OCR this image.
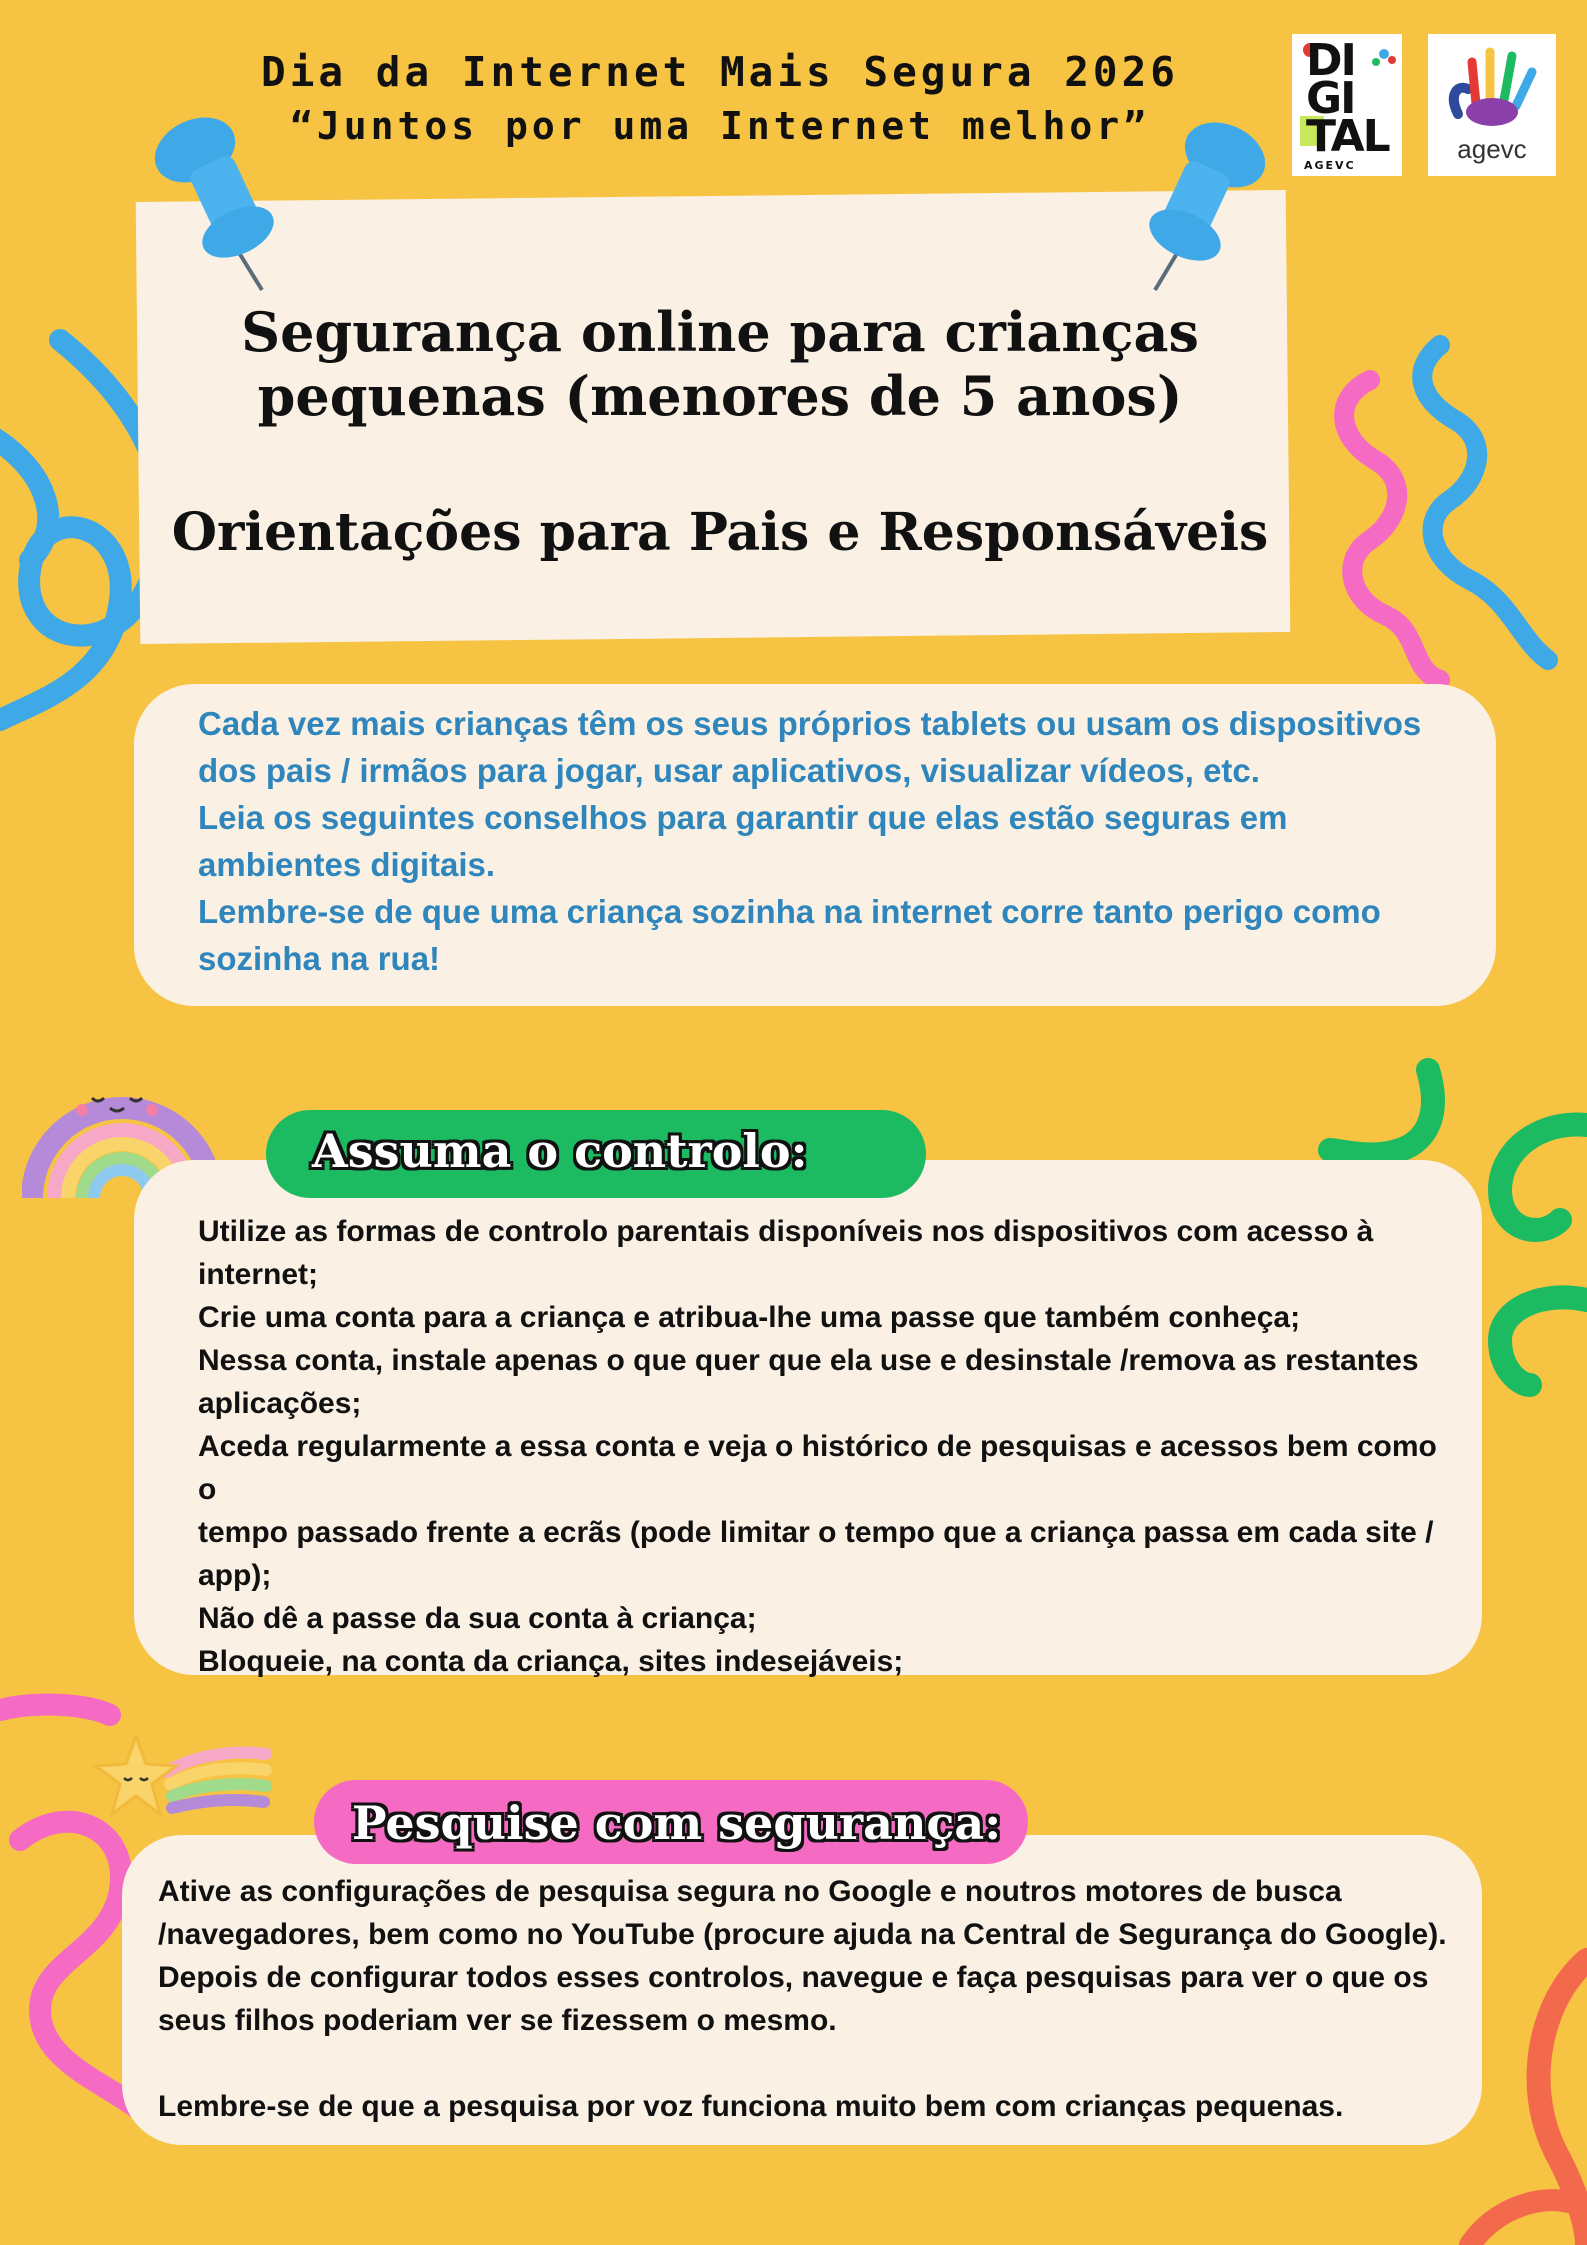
Dia da Internet Mais Segura 2026
“Juntos por uma Internet melhor”
DI
GI
TAL
AGEVC
agevc
Segurança online para crianças
pequenas (menores de 5 anos)
Orientações para Pais e Responsáveis

Cada vez mais crianças têm os seus próprios tablets ou usam os dispositivos

dos pais / irmãos para jogar, usar aplicativos, visualizar vídeos, etc.

Leia os seguintes conselhos para garantir que elas estão seguras em

ambientes digitais.

Lembre-se de que uma criança sozinha na internet corre tanto perigo como

sozinha na rua!

Assuma o controlo:

Utilize as formas de controlo parentais disponíveis nos dispositivos com acesso à

internet;

Crie uma conta para a criança e atribua-lhe uma passe que também conheça;

Nessa conta, instale apenas o que quer que ela use e desinstale /remova as restantes

aplicações;

Aceda regularmente a essa conta e veja o histórico de pesquisas e acessos bem como o

tempo passado frente a ecrãs (pode limitar o tempo que a criança passa em cada site /

app);

Não dê a passe da sua conta à criança;

Bloqueie, na conta da criança, sites indesejáveis;

Pesquise com segurança:

Ative as configurações de pesquisa segura no Google e noutros motores de busca

/navegadores, bem como no YouTube (procure ajuda na Central de Segurança do Google).

Depois de configurar todos esses controlos, navegue e faça pesquisas para ver o que os

seus filhos poderiam ver se fizessem o mesmo.

Lembre-se de que a pesquisa por voz funciona muito bem com crianças pequenas.
